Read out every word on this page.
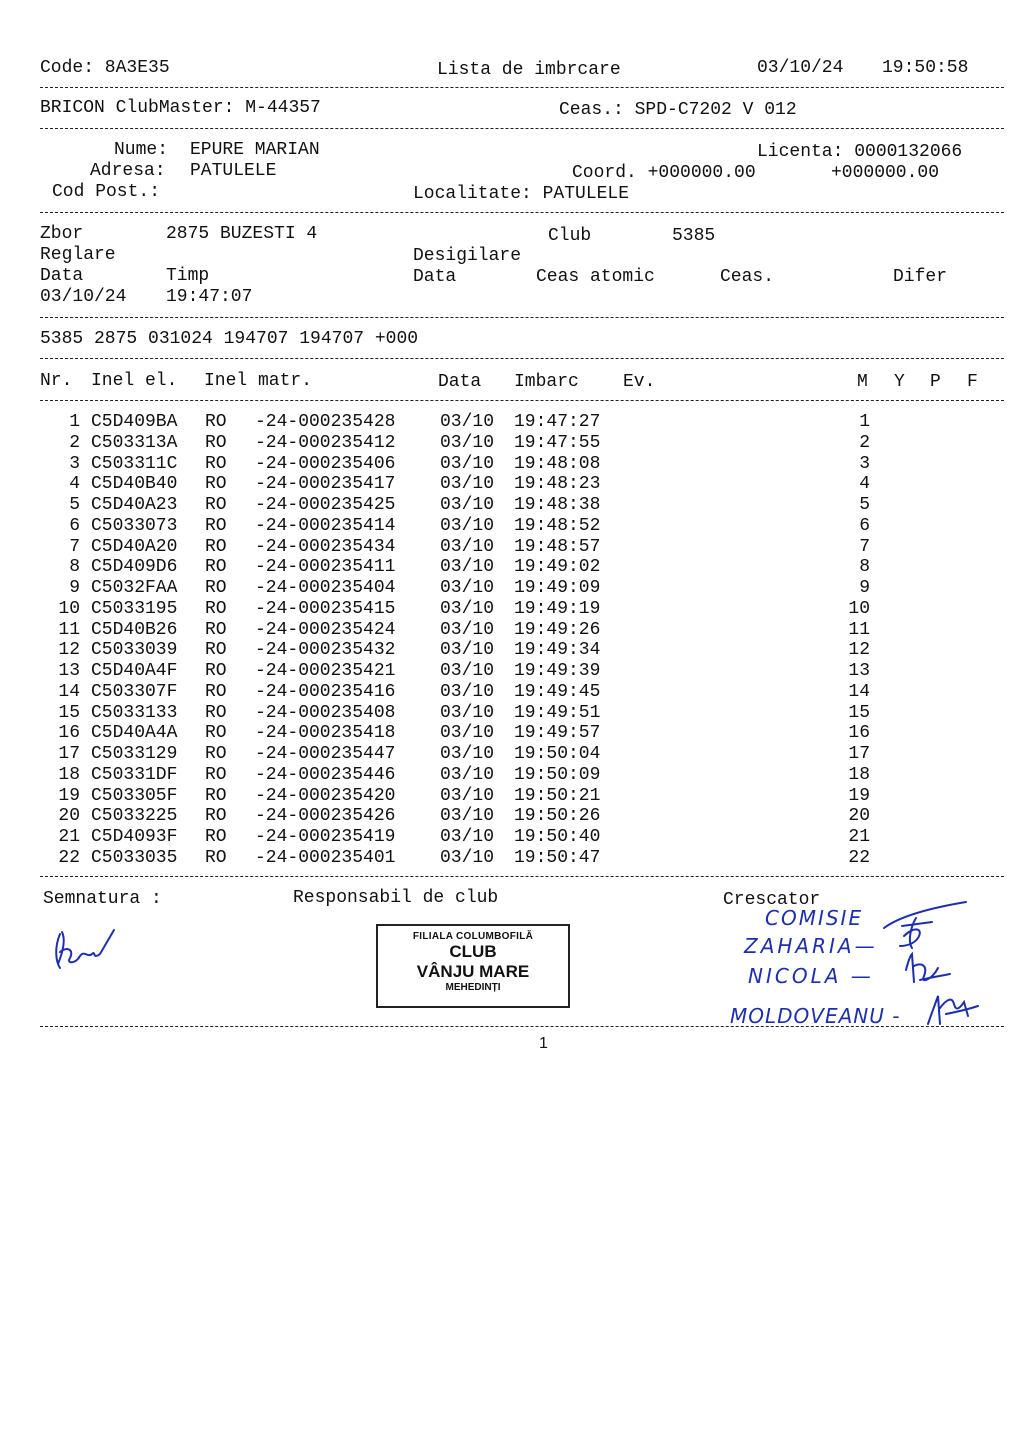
Code: 8A3E35	Lista de imbrcare	03/10/24 19:50:58
BRICON ClubMaster: M-44357	Ceas.: SPD-C7202 V 012
Nume: EPURE MARIAN	Licenta: 0000132066
Adresa: PATULELE	Coord. +000000.00	+000000.00
Cod Post.:	Localitate: PATULELE
Zbor	2875 BUZESTI 4	Club	5385
Reglare	Desigilare
Data	Timp	Data	Ceas atomic	Ceas.	Difer
03/10/24 19:47:07
5385 2875 031024 194707 194707 +000
Nr. Inel el. Inel matr.	Data Imbarc Ev.	M Y P F
1 C5D409BA RO -24-000235428 03/10 19:47:27	1
2 C503313A RO -24-000235412 03/10 19:47:55	2
3 C503311C RO -24-000235406 03/10 19:48:08	3
4 C5D40B40 RO -24-000235417 03/10 19:48:23	4
5 C5D40A23 RO -24-000235425 03/10 19:48:38	5
6 C5033073 RO -24-000235414 03/10 19:48:52	6
7 C5D40A20 RO -24-000235434 03/10 19:48:57	7
8 C5D409D6 RO -24-000235411 03/10 19:49:02	8
9 C5032FAA RO -24-000235404 03/10 19:49:09	9
10 C5033195 RO -24-000235415 03/10 19:49:19	10
11 C5D40B26 RO -24-000235424 03/10 19:49:26	11
12 C5033039 RO -24-000235432 03/10 19:49:34	12
13 C5D40A4F RO -24-000235421 03/10 19:49:39	13
14 C503307F RO -24-000235416 03/10 19:49:45	14
15 C5033133 RO -24-000235408 03/10 19:49:51	15
16 C5D40A4A RO -24-000235418 03/10 19:49:57	16
17 C5033129 RO -24-000235447 03/10 19:50:04	17
18 C50331DF RO -24-000235446 03/10 19:50:09	18
19 C503305F RO -24-000235420 03/10 19:50:21	19
20 C5033225 RO -24-000235426 03/10 19:50:26	20
21 C5D4093F RO -24-000235419 03/10 19:50:40	21
22 C5033035 RO -24-000235401 03/10 19:50:47	22
Semnatura :	Responsabil de club	Crescator
FILIALA COLUMBOFILĂ
CLUB
VÂNJU MARE
MEHEDINȚI
COMISIE
ZAHARIA—
NICOLA —
MOLDOVEANU -
1
